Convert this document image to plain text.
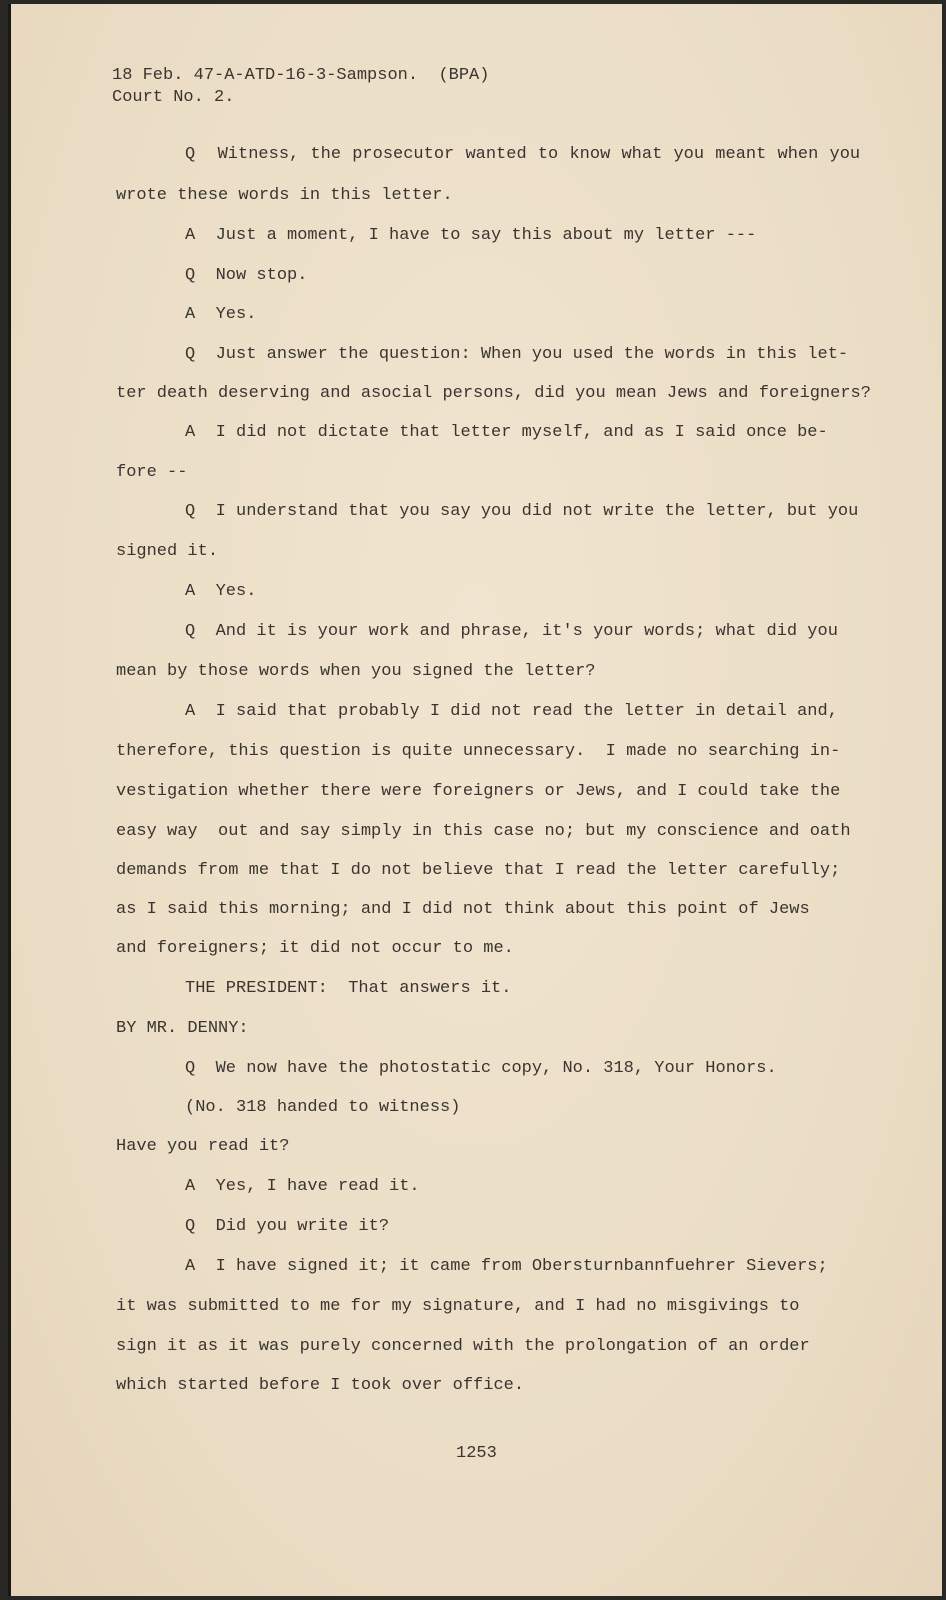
18 Feb. 47-A-ATD-16-3-Sampson.  (BPA)
Court No. 2.
Q  Witness, the prosecutor wanted to know what you meant when you
wrote these words in this letter.
A  Just a moment, I have to say this about my letter ---
Q  Now stop.
A  Yes.
Q  Just answer the question: When you used the words in this let-
ter death deserving and asocial persons, did you mean Jews and foreigners?
A  I did not dictate that letter myself, and as I said once be-
fore --
Q  I understand that you say you did not write the letter, but you
signed it.
A  Yes.
Q  And it is your work and phrase, it's your words; what did you
mean by those words when you signed the letter?
A  I said that probably I did not read the letter in detail and,
therefore, this question is quite unnecessary.  I made no searching in-
vestigation whether there were foreigners or Jews, and I could take the
easy way  out and say simply in this case no; but my conscience and oath
demands from me that I do not believe that I read the letter carefully;
as I said this morning; and I did not think about this point of Jews
and foreigners; it did not occur to me.
THE PRESIDENT:  That answers it.
BY MR. DENNY:
Q  We now have the photostatic copy, No. 318, Your Honors.
(No. 318 handed to witness)
Have you read it?
A  Yes, I have read it.
Q  Did you write it?
A  I have signed it; it came from Obersturnbannfuehrer Sievers;
it was submitted to me for my signature, and I had no misgivings to
sign it as it was purely concerned with the prolongation of an order
which started before I took over office.
1253
